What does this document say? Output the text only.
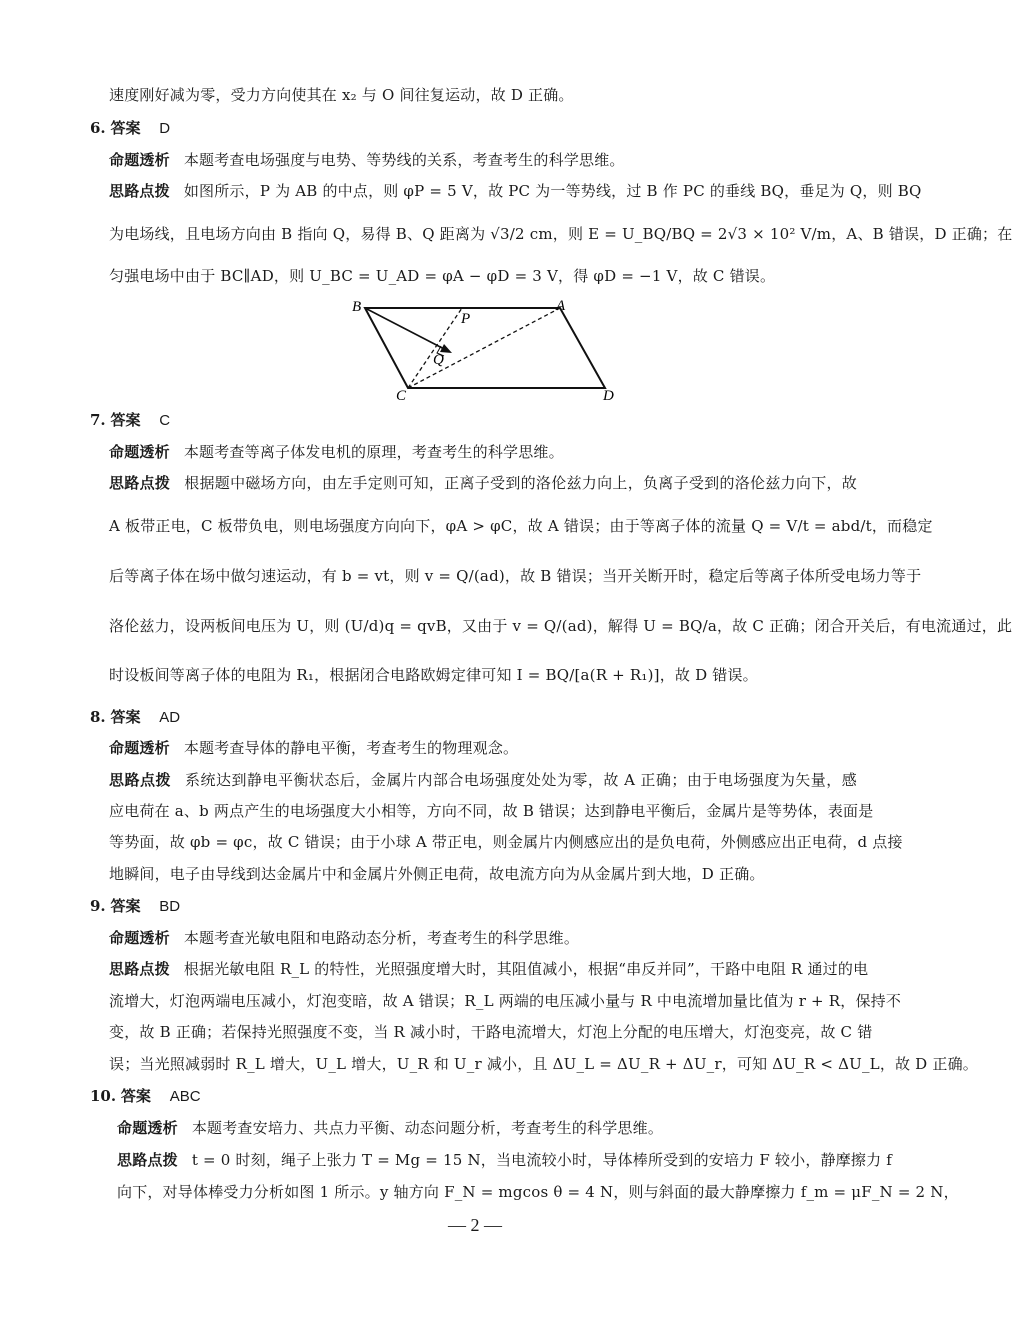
速度刚好减为零，受力方向使其在 x₂ 与 O 间往复运动，故 D 正确。
6. 答案 D
命题透析 本题考查电场强度与电势、等势线的关系，考查考生的科学思维。
思路点拨 如图所示，P 为 AB 的中点，则 φP = 5 V，故 PC 为一等势线，过 B 作 PC 的垂线 BQ，垂足为 Q，则 BQ
为电场线，且电场方向由 B 指向 Q，易得 B、Q 距离为 √3/2 cm，则 E = U_BQ/BQ = 2√3 × 10² V/m，A、B 错误，D 正确；在
匀强电场中由于 BC∥AD，则 U_BC = U_AD = φA − φD = 3 V，得 φD = −1 V，故 C 错误。
B	A
P
Q
C	D
7. 答案 C
命题透析 本题考查等离子体发电机的原理，考查考生的科学思维。
思路点拨 根据题中磁场方向，由左手定则可知，正离子受到的洛伦兹力向上，负离子受到的洛伦兹力向下，故
A 板带正电，C 板带负电，则电场强度方向向下，φA > φC，故 A 错误；由于等离子体的流量 Q = V/t = abd/t，而稳定
后等离子体在场中做匀速运动，有 b = vt，则 v = Q/(ad)，故 B 错误；当开关断开时，稳定后等离子体所受电场力等于
洛伦兹力，设两板间电压为 U，则 (U/d)q = qvB，又由于 v = Q/(ad)，解得 U = BQ/a，故 C 正确；闭合开关后，有电流通过，此
时设板间等离子体的电阻为 R₁，根据闭合电路欧姆定律可知 I = BQ/[a(R + R₁)]，故 D 错误。
8. 答案 AD
命题透析 本题考查导体的静电平衡，考查考生的物理观念。
思路点拨 系统达到静电平衡状态后，金属片内部合电场强度处处为零，故 A 正确；由于电场强度为矢量，感
应电荷在 a、b 两点产生的电场强度大小相等，方向不同，故 B 错误；达到静电平衡后，金属片是等势体，表面是
等势面，故 φb = φc，故 C 错误；由于小球 A 带正电，则金属片内侧感应出的是负电荷，外侧感应出正电荷，d 点接
地瞬间，电子由导线到达金属片中和金属片外侧正电荷，故电流方向为从金属片到大地，D 正确。
9. 答案 BD
命题透析 本题考查光敏电阻和电路动态分析，考查考生的科学思维。
思路点拨 根据光敏电阻 R_L 的特性，光照强度增大时，其阻值减小，根据“串反并同”，干路中电阻 R 通过的电
流增大，灯泡两端电压减小，灯泡变暗，故 A 错误；R_L 两端的电压减小量与 R 中电流增加量比值为 r + R，保持不
变，故 B 正确；若保持光照强度不变，当 R 减小时，干路电流增大，灯泡上分配的电压增大，灯泡变亮，故 C 错
误；当光照减弱时 R_L 增大，U_L 增大，U_R 和 U_r 减小，且 ΔU_L = ΔU_R + ΔU_r，可知 ΔU_R < ΔU_L，故 D 正确。
10. 答案 ABC
命题透析 本题考查安培力、共点力平衡、动态问题分析，考查考生的科学思维。
思路点拨 t = 0 时刻，绳子上张力 T = Mg = 15 N，当电流较小时，导体棒所受到的安培力 F 较小，静摩擦力 f
向下，对导体棒受力分析如图 1 所示。y 轴方向 F_N = mgcos θ = 4 N，则与斜面的最大静摩擦力 f_m = μF_N = 2 N，
— 2 —
